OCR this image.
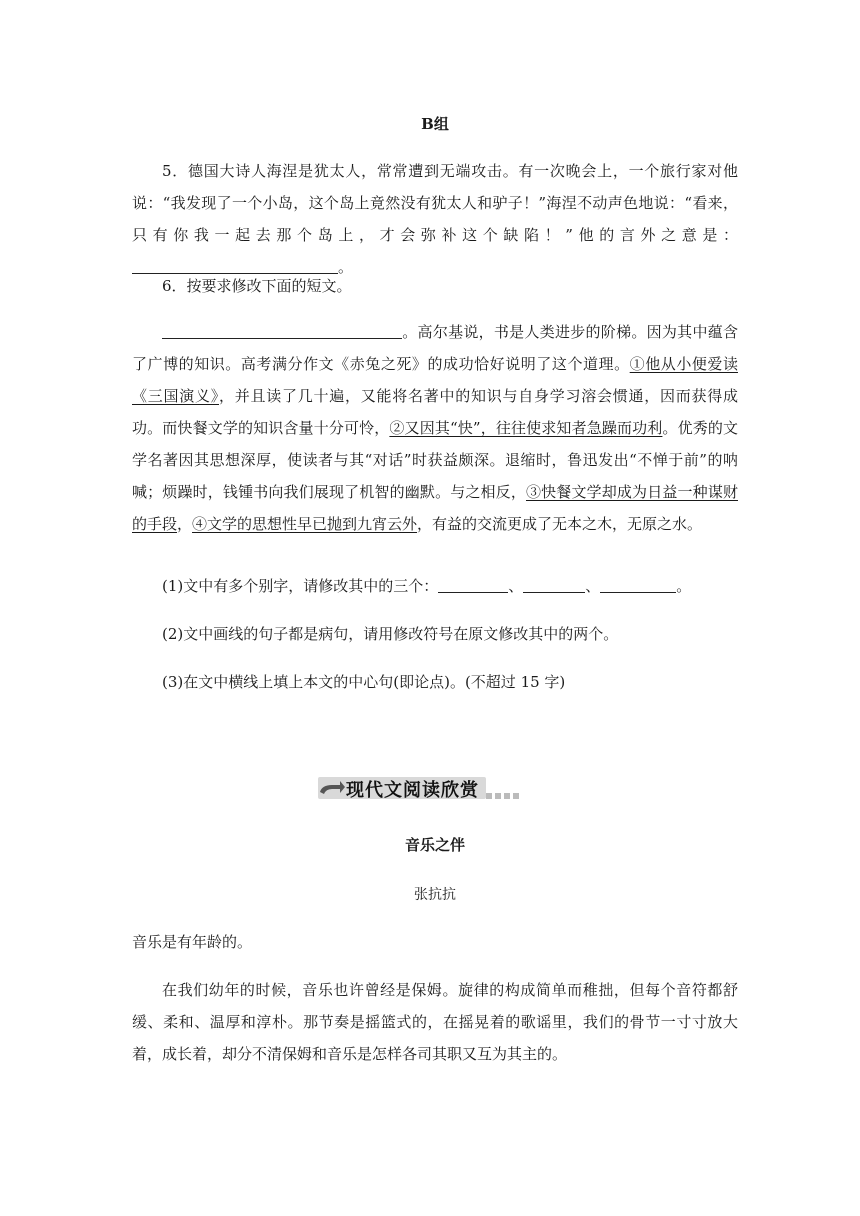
B组
5．德国大诗人海涅是犹太人，常常遭到无端攻击。有一次晚会上，一个旅行家对他说：“我发现了一个小岛，这个岛上竟然没有犹太人和驴子！”海涅不动声色地说：“看来，只有你我一起去那个岛上，才会弥补这个缺陷！”他的言外之意是：。
6．按要求修改下面的短文。
。高尔基说，书是人类进步的阶梯。因为其中蕴含了广博的知识。高考满分作文《赤兔之死》的成功恰好说明了这个道理。①他从小便爱读《三国演义》，并且读了几十遍，又能将名著中的知识与自身学习溶会惯通，因而获得成功。而快餐文学的知识含量十分可怜，②又因其“快”，往往使求知者急躁而功利。优秀的文学名著因其思想深厚，使读者与其“对话”时获益颇深。退缩时，鲁迅发出“不惮于前”的呐喊；烦躁时，钱锺书向我们展现了机智的幽默。与之相反，③快餐文学却成为日益一种谋财的手段，④文学的思想性早已抛到九宵云外，有益的交流更成了无本之木，无原之水。
(1)文中有多个别字，请修改其中的三个：	、	、	。
(2)文中画线的句子都是病句，请用修改符号在原文修改其中的两个。
(3)在文中横线上填上本文的中心句(即论点)。(不超过 15 字)
现代文阅读欣赏
音乐之伴
张抗抗
音乐是有年龄的。
在我们幼年的时候，音乐也许曾经是保姆。旋律的构成简单而稚拙，但每个音符都舒缓、柔和、温厚和淳朴。那节奏是摇篮式的，在摇晃着的歌谣里，我们的骨节一寸寸放大着，成长着，却分不清保姆和音乐是怎样各司其职又互为其主的。
